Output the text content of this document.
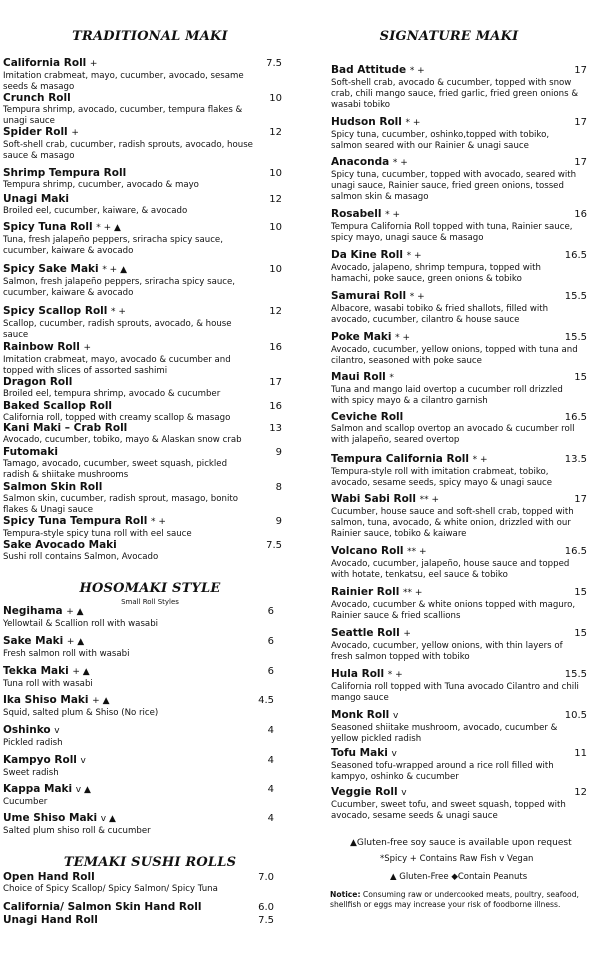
TRADITIONAL MAKI
California Roll +
Imitation crabmeat, mayo, cucumber, avocado, sesame seeds & masago
7.5
Crunch Roll
Tempura shrimp, avocado, cucumber, tempura flakes & unagi sauce
10
Spider Roll +
Soft-shell crab, cucumber, radish sprouts, avocado, house sauce & masago
12
Shrimp Tempura Roll
Tempura shrimp, cucumber, avocado & mayo
10
Unagi Maki
Broiled eel, cucumber, kaiware, & avocado
12
Spicy Tuna Roll * + ▲
Tuna, fresh jalapeño peppers, sriracha spicy sauce, cucumber, kaiware & avocado
10
Spicy Sake Maki * + ▲
Salmon, fresh jalapeño peppers, sriracha spicy sauce, cucumber, kaiware & avocado
10
Spicy Scallop Roll * +
Scallop, cucumber, radish sprouts, avocado, & house sauce
12
Rainbow Roll +
Imitation crabmeat, mayo, avocado & cucumber and topped with slices of assorted sashimi
16
Dragon Roll
Broiled eel, tempura shrimp, avocado & cucumber
17
Baked Scallop Roll
California roll, topped with creamy scallop & masago
16
Kani Maki – Crab Roll
Avocado, cucumber, tobiko, mayo & Alaskan snow crab
13
Futomaki
Tamago, avocado, cucumber, sweet squash, pickled radish & shiitake mushrooms
9
Salmon Skin Roll
Salmon skin, cucumber, radish sprout, masago, bonito flakes & Unagi sauce
8
Spicy Tuna Tempura Roll * +
Tempura-style spicy tuna roll with eel sauce
9
Sake Avocado Maki
Sushi roll contains Salmon, Avocado
7.5
HOSOMAKI STYLE
Small Roll Styles
Negihama + ▲
Yellowtail & Scallion roll with wasabi
6
Sake Maki + ▲
Fresh salmon roll with wasabi
6
Tekka Maki + ▲
Tuna roll with wasabi
6
Ika Shiso Maki + ▲
Squid, salted plum & Shiso (No rice)
4.5
Oshinko v
Pickled radish
4
Kampyo Roll v
Sweet radish
4
Kappa Maki v ▲
Cucumber
4
Ume Shiso Maki v ▲
Salted plum shiso roll & cucumber
4
TEMAKI SUSHI ROLLS
Open Hand Roll
Choice of Spicy Scallop/ Spicy Salmon/ Spicy Tuna
7.0
California/ Salmon Skin Hand Roll	6.0
Unagi Hand Roll	7.5
SIGNATURE MAKI
Bad Attitude * +
Soft-shell crab, avocado & cucumber, topped with snow crab, chili mango sauce, fried garlic, fried green onions & wasabi tobiko
17
Hudson Roll * +
Spicy tuna, cucumber, oshinko,topped with tobiko, salmon seared with our Rainier & unagi sauce
17
Anaconda * +
Spicy tuna, cucumber, topped with avocado, seared with unagi sauce, Rainier sauce, fried green onions, tossed salmon skin & masago
17
Rosabell * +
Tempura California Roll topped with tuna, Rainier sauce, spicy mayo, unagi sauce & masago
16
Da Kine Roll * +
Avocado, jalapeno, shrimp tempura, topped with hamachi, poke sauce, green onions & tobiko
16.5
Samurai Roll * +
Albacore, wasabi tobiko & fried shallots, filled with avocado, cucumber, cilantro & house sauce
15.5
Poke Maki * +
Avocado, cucumber, yellow onions, topped with tuna and cilantro, seasoned with poke sauce
15.5
Maui Roll *
Tuna and mango laid overtop a cucumber roll drizzled with spicy mayo & a cilantro garnish
15
Ceviche Roll
Salmon and scallop overtop an avocado & cucumber roll with jalapeño, seared overtop
16.5
Tempura California Roll * +
Tempura-style roll with imitation crabmeat, tobiko, avocado, sesame seeds, spicy mayo & unagi sauce
13.5
Wabi Sabi Roll ** +
Cucumber, house sauce and soft-shell crab, topped with salmon, tuna, avocado, & white onion, drizzled with our Rainier sauce, tobiko & kaiware
17
Volcano Roll ** +
Avocado, cucumber, jalapeño, house sauce and topped with hotate, tenkatsu, eel sauce & tobiko
16.5
Rainier Roll ** +
Avocado, cucumber & white onions topped with maguro, Rainier sauce & fried scallions
15
Seattle Roll +
Avocado, cucumber, yellow onions, with thin layers of fresh salmon topped with tobiko
15
Hula Roll * +
California roll topped with Tuna avocado Cilantro and chili mango sauce
15.5
Monk Roll v
Seasoned shiitake mushroom, avocado, cucumber & yellow pickled radish
10.5
Tofu Maki v
Seasoned tofu-wrapped around a rice roll filled with kampyo, oshinko & cucumber
11
Veggie Roll v
Cucumber, sweet tofu, and sweet squash, topped with avocado, sesame seeds & unagi sauce
12
▲Gluten-free soy sauce is available upon request
*Spicy + Contains Raw Fish v Vegan
▲ Gluten-Free ◆Contain Peanuts
Notice: Consuming raw or undercooked meats, poultry, seafood, shellfish or eggs may increase your risk of foodborne illness.
